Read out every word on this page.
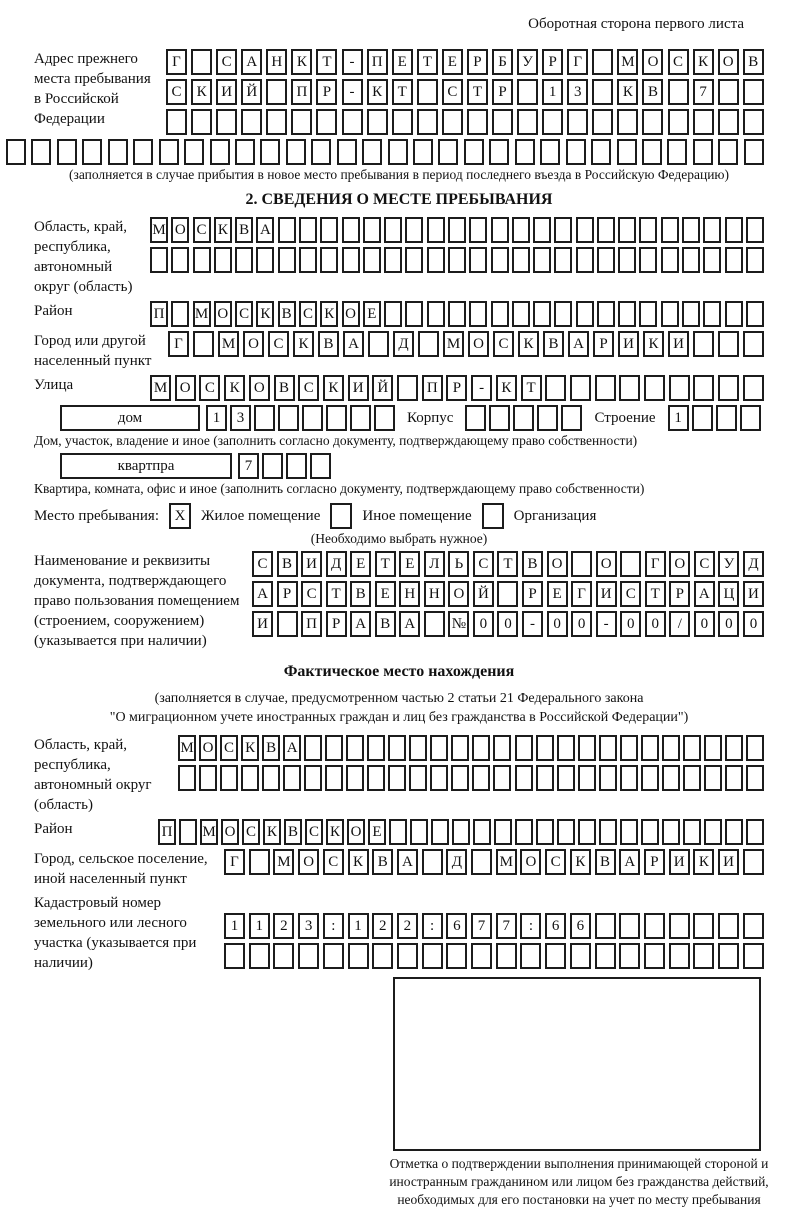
Оборотная сторона первого листа
Адрес прежнего места пребывания в Российской Федерации
Г	С А Н К	Т	-	П	Е	Т	Е	Р	Б	У	Р	Г	М О С	К О В
С	К И Й	П	Р	-	К	Т	С	Т	Р	1	3	К	В	7
(заполняется в случае прибытия в новое место пребывания в период последнего въезда в Российскую Федерацию)
2. СВЕДЕНИЯ О МЕСТЕ ПРЕБЫВАНИЯ
Область, край, республика, автономный округ (область)
М О С К В А
Район	П М О С К В С К О Е
Город или другой населенный пункт
Г	М О С К В А	Д	М О С К В А	Р	И К И
Улица	М О С К О В С К И Й	П	Р	-	К	Т
дом	1	3	Корпус	Строение	1
Дом, участок, владение и иное (заполнить согласно документу, подтверждающему право собственности)
квартпра	7
Квартира, комната, офис и иное (заполнить согласно документу, подтверждающему право собственности)
Место пребывания: X Жилое помещение	Иное помещение	Организация
(Необходимо выбрать нужное)
Наименование и реквизиты документа, подтверждающего право пользования помещением (строением, сооружением) (указывается при наличии)
С В И Д Е	Т	Е Л	Ь	С Т В О	О	Г О С У Д
А Р	С Т В Е Н Н О Й	Р	Е	Г И С Т	Р А Ц И
И	П Р А В А	№ 0	0	-	0	0	-	0	0	/	0	0	0
Фактическое место нахождения
(заполняется в случае, предусмотренном частью 2 статьи 21 Федерального закона
"О миграционном учете иностранных граждан и лиц без гражданства в Российской Федерации")
Область, край, республика, автономный округ (область)
М О С К В А
Район	П М О С К В С К О Е
Город, сельское поселение, иной населенный пункт
Г	М О С К В А	Д	М О С К В А	Р	И К И
Кадастровый номер земельного или лесного участка (указывается при наличии)
1	1	2	3	:	1	2	2	:	6	7	7	:	6	6
Отметка о подтверждении выполнения принимающей стороной и иностранным гражданином или лицом без гражданства действий, необходимых для его постановки на учет по месту пребывания
